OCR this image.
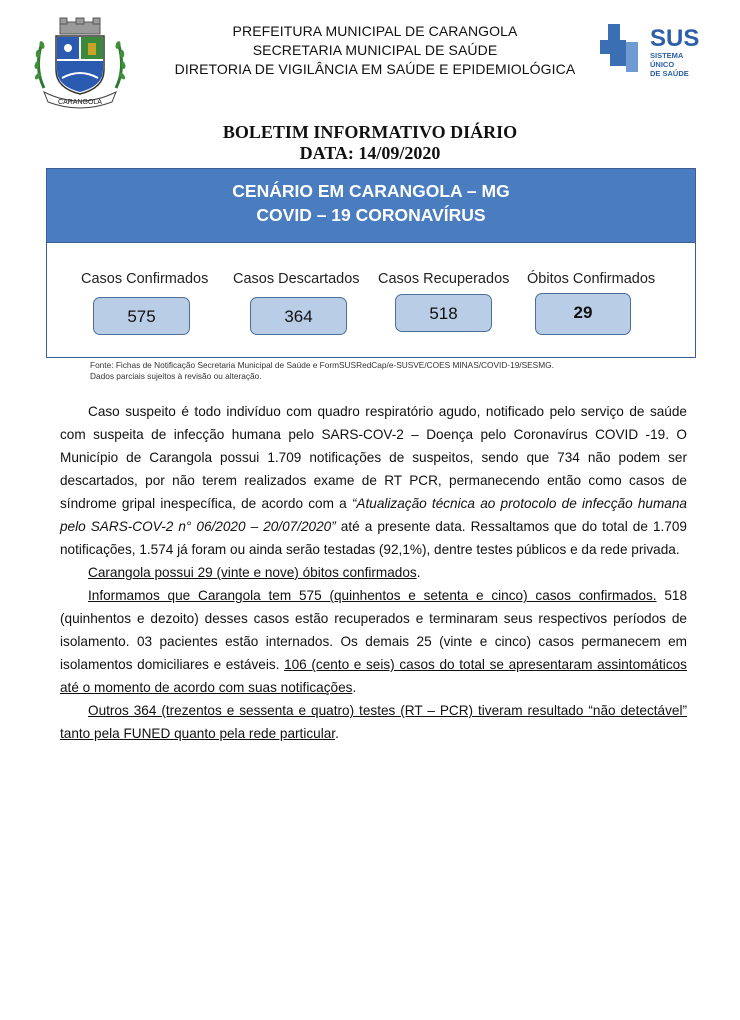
CARANGOLA
PREFEITURA MUNICIPAL DE CARANGOLA
SECRETARIA MUNICIPAL DE SAÚDE
DIRETORIA DE VIGILÂNCIA EM SAÚDE E EPIDEMIOLÓGICA
SUS
SISTEMA
ÚNICO
DE SAÚDE
BOLETIM INFORMATIVO DIÁRIO
DATA: 14/09/2020
CENÁRIO EM CARANGOLA – MG
COVID – 19 CORONAVÍRUS
Casos Confirmados
575
Casos Descartados
364
Casos Recuperados
518
Óbitos Confirmados
29
Fonte: Fichas de Notificação Secretaria Municipal de Saúde e FormSUSRedCap/e-SUSVE/COES MINAS/COVID-19/SESMG.
Dados parciais sujeitos à revisão ou alteração.

Caso suspeito é todo indivíduo com quadro respiratório agudo, notificado pelo serviço de saúde com suspeita de infecção humana pelo SARS-COV-2 – Doença pelo Coronavírus COVID -19. O Município de Carangola possui 1.709 notificações de suspeitos, sendo que 734 não podem ser descartados, por não terem realizados exame de RT PCR, permanecendo então como casos de síndrome gripal inespecífica, de acordo com a “Atualização técnica ao protocolo de infecção humana pelo SARS-COV-2 n° 06/2020 – 20/07/2020” até a presente data. Ressaltamos que do total de 1.709 notificações, 1.574 já foram ou ainda serão testadas (92,1%), dentre testes públicos e da rede privada.

Carangola possui 29 (vinte e nove) óbitos confirmados.

Informamos que Carangola tem 575 (quinhentos e setenta e cinco) casos confirmados. 518 (quinhentos e dezoito) desses casos estão recuperados e terminaram seus respectivos períodos de isolamento. 03 pacientes estão internados. Os demais 25 (vinte e cinco) casos permanecem em isolamentos domiciliares e estáveis. 106 (cento e seis) casos do total se apresentaram assintomáticos até o momento de acordo com suas notificações.

Outros 364 (trezentos e sessenta e quatro) testes (RT – PCR) tiveram resultado “não detectável” tanto pela FUNED quanto pela rede particular.
